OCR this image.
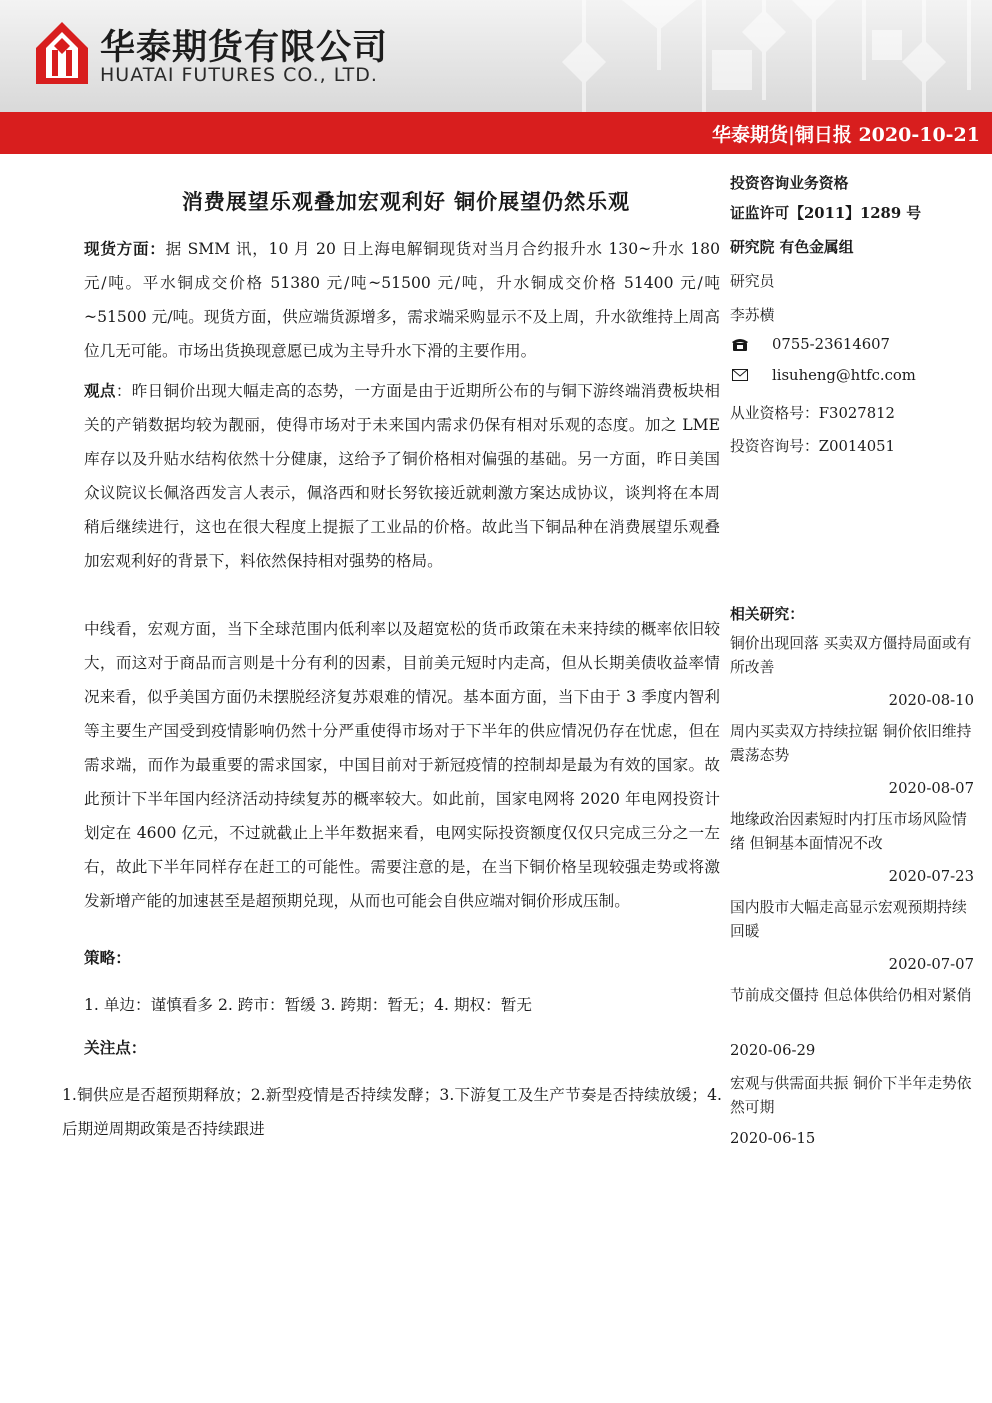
华泰期货有限公司
HUATAI FUTURES CO., LTD.
华泰期货|铜日报 2020-10-21
消费展望乐观叠加宏观利好 铜价展望仍然乐观

现货方面：据 SMM 讯，10 月 20 日上海电解铜现货对当月合约报升水 130~升水 180 元/吨。平水铜成交价格 51380 元/吨~51500 元/吨，升水铜成交价格 51400 元/吨~51500 元/吨。现货方面，供应端货源增多，需求端采购显示不及上周，升水欲维持上周高位几无可能。市场出货换现意愿已成为主导升水下滑的主要作用。

观点：昨日铜价出现大幅走高的态势，一方面是由于近期所公布的与铜下游终端消费板块相关的产销数据均较为靓丽，使得市场对于未来国内需求仍保有相对乐观的态度。加之 LME 库存以及升贴水结构依然十分健康，这给予了铜价格相对偏强的基础。另一方面，昨日美国众议院议长佩洛西发言人表示，佩洛西和财长努钦接近就刺激方案达成协议，谈判将在本周稍后继续进行，这也在很大程度上提振了工业品的价格。故此当下铜品种在消费展望乐观叠加宏观利好的背景下，料依然保持相对强势的格局。

中线看，宏观方面，当下全球范围内低利率以及超宽松的货币政策在未来持续的概率依旧较大，而这对于商品而言则是十分有利的因素，目前美元短时内走高，但从长期美债收益率情况来看，似乎美国方面仍未摆脱经济复苏艰难的情况。基本面方面，当下由于 3 季度内智利等主要生产国受到疫情影响仍然十分严重使得市场对于下半年的供应情况仍存在忧虑，但在需求端，而作为最重要的需求国家，中国目前对于新冠疫情的控制却是最为有效的国家。故此预计下半年国内经济活动持续复苏的概率较大。如此前，国家电网将 2020 年电网投资计划定在 4600 亿元，不过就截止上半年数据来看，电网实际投资额度仅仅只完成三分之一左右，故此下半年同样存在赶工的可能性。需要注意的是，在当下铜价格呈现较强走势或将激发新增产能的加速甚至是超预期兑现，从而也可能会自供应端对铜价形成压制。

策略：
1. 单边：谨慎看多 2. 跨市：暂缓 3. 跨期：暂无；4. 期权：暂无
关注点：

1.铜供应是否超预期释放；2.新型疫情是否持续发酵；3.下游复工及生产节奏是否持续放缓；4. 后期逆周期政策是否持续跟进

投资咨询业务资格
证监许可【2011】1289 号
研究院 有色金属组
研究员
李苏横
0755-23614607
lisuheng@htfc.com
从业资格号：F3027812
投资咨询号：Z0014051
相关研究：
铜价出现回落 买卖双方僵持局面或有所改善
2020-08-10
周内买卖双方持续拉锯 铜价依旧维持震荡态势
2020-08-07
地缘政治因素短时内打压市场风险情绪 但铜基本面情况不改
2020-07-23
国内股市大幅走高显示宏观预期持续回暖
2020-07-07
节前成交僵持 但总体供给仍相对紧俏
2020-06-29
宏观与供需面共振 铜价下半年走势依然可期
2020-06-15
